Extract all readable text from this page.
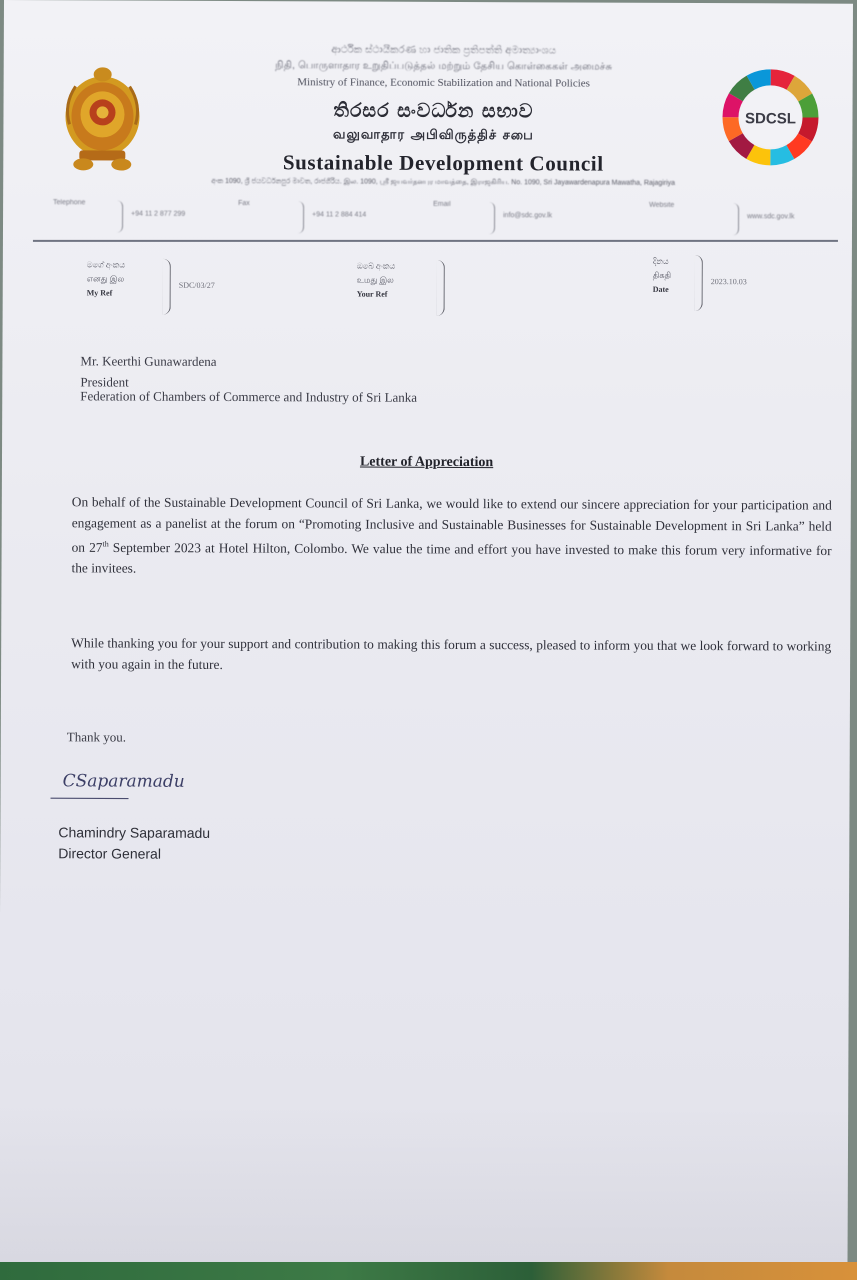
SDCSL
ආර්ථික ස්ථායීකරණ හා ජාතික ප්‍රතිපත්ති අමාත්‍යාංශය
நிதி, பொருளாதார உறுதிப்படுத்தல் மற்றும் தேசிய கொள்கைகள் அமைச்சு
Ministry of Finance, Economic Stabilization and National Policies
තිරසර සංවර්ධන සභාව
வலுவாதார அபிவிருத்திச் சபை
Sustainable Development Council
අංක 1090, ශ්‍රී ජයවර්ධනපුර මාවත, රාජගිරිය. இல. 1090, ஸ்ரீ ஜயவர்தனபுர மாவத்தை, இராஜகிரிய. No. 1090, Sri Jayawardenapura Mawatha, Rajagiriya
Telephone
+94 11 2 877 299
Fax
+94 11 2 884 414
Email
info@sdc.gov.lk
Website
www.sdc.gov.lk
මගේ අංකය
எனது இல
My Ref
SDC/03/27
ඔබේ අංකය
உமது இல
Your Ref
දිනය
திகதி
Date
2023.10.03
Mr. Keerthi Gunawardena
President
Federation of Chambers of Commerce and Industry of Sri Lanka
Letter of Appreciation

On behalf of the Sustainable Development Council of Sri Lanka, we would like to extend our sincere appreciation for your participation and engagement as a panelist at the forum on “Promoting Inclusive and Sustainable Businesses for Sustainable Development in Sri Lanka” held on 27th September 2023 at Hotel Hilton, Colombo. We value the time and effort you have invested to make this forum very informative for the invitees.

While thanking you for your support and contribution to making this forum a success, pleased to inform you that we look forward to working with you again in the future.

Thank you.
CSaparamadu
Chamindry Saparamadu
Director General
